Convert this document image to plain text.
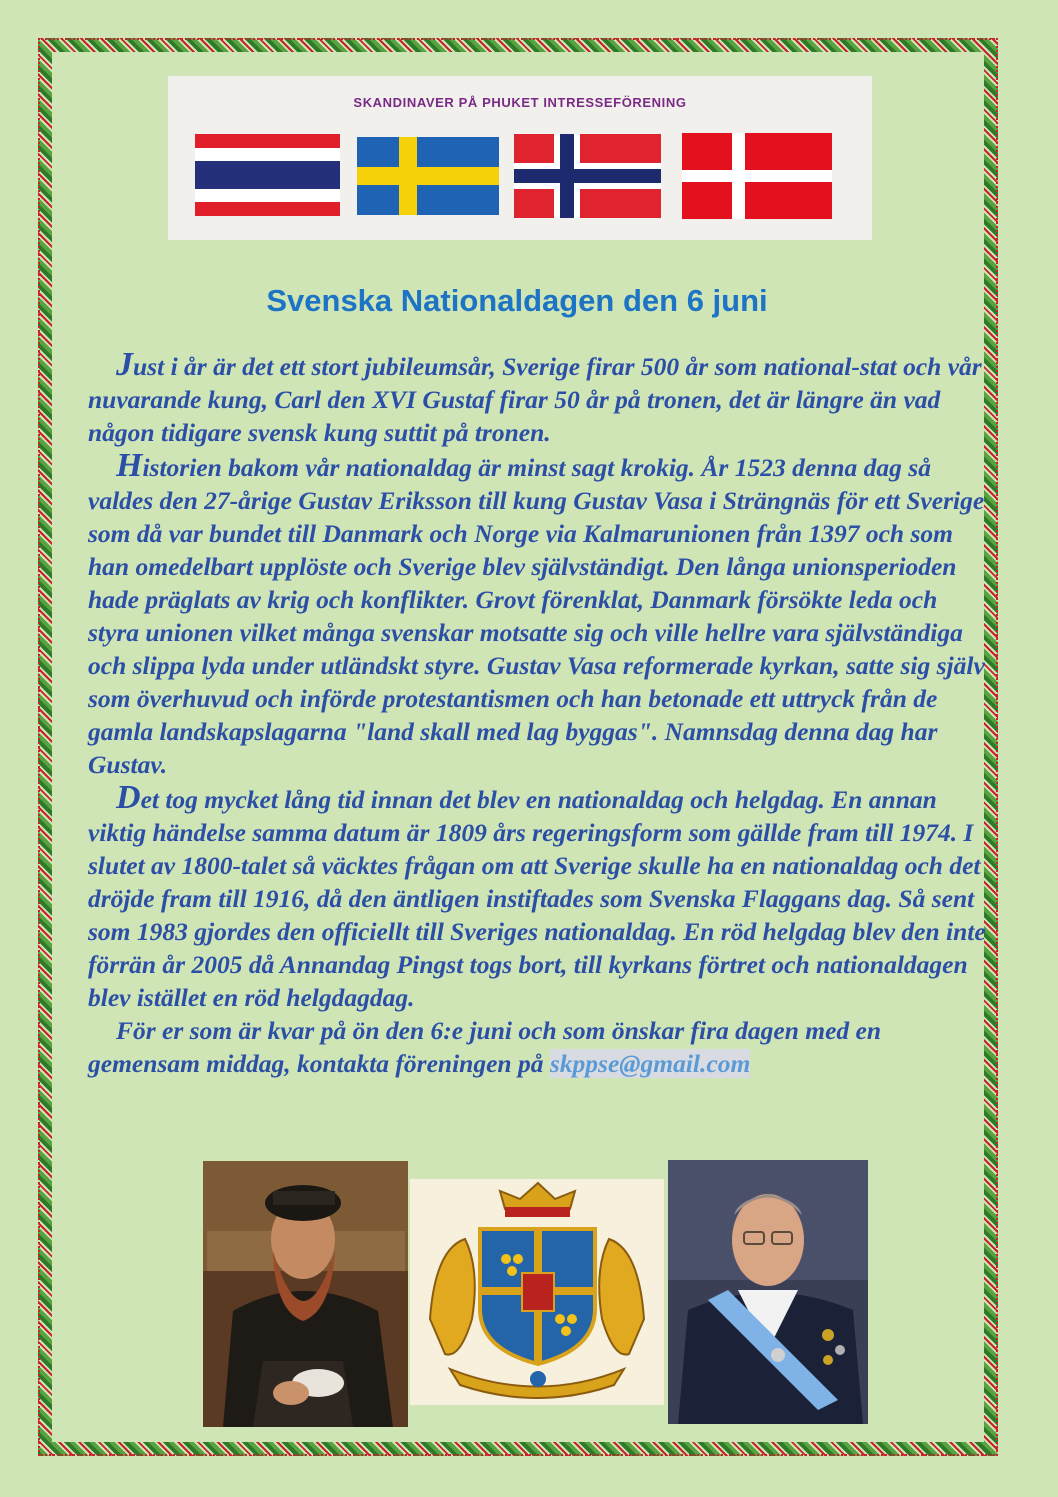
SKANDINAVER PÅ PHUKET INTRESSEFÖRENING
Svenska Nationaldagen den 6 juni

Just i år är det ett stort jubileumsår, Sverige firar 500 år som national-stat och vår nuvarande kung, Carl den XVI Gustaf firar 50 år på tronen, det är längre än vad någon tidigare svensk kung suttit på tronen.

Historien bakom vår nationaldag är minst sagt krokig. År 1523 denna dag så valdes den 27-årige Gustav Eriksson till kung Gustav Vasa i Strängnäs för ett Sverige som då var bundet till Danmark och Norge via Kalmarunionen från 1397 och som han omedelbart upplöste och Sverige blev självständigt. Den långa unionsperioden hade präglats av krig och konflikter. Grovt förenklat, Danmark försökte leda och styra unionen vilket många svenskar motsatte sig och ville hellre vara självständiga och slippa lyda under utländskt styre. Gustav Vasa reformerade kyrkan, satte sig själv som överhuvud och införde protestantismen och han betonade ett uttryck från de gamla landskapslagarna "land skall med lag byggas". Namnsdag denna dag har Gustav.

Det tog mycket lång tid innan det blev en nationaldag och helgdag. En annan viktig händelse samma datum är 1809 års regeringsform som gällde fram till 1974. I slutet av 1800-talet så väcktes frågan om att Sverige skulle ha en nationaldag och det dröjde fram till 1916, då den äntligen instiftades som Svenska Flaggans dag. Så sent som 1983 gjordes den officiellt till Sveriges nationaldag. En röd helgdag blev den inte förrän år 2005 då Annandag Pingst togs bort, till kyrkans förtret och nationaldagen blev istället en röd helgdagdag.

För er som är kvar på ön den 6:e juni och som önskar fira dagen med en gemensam middag, kontakta föreningen på skppse@gmail.com
